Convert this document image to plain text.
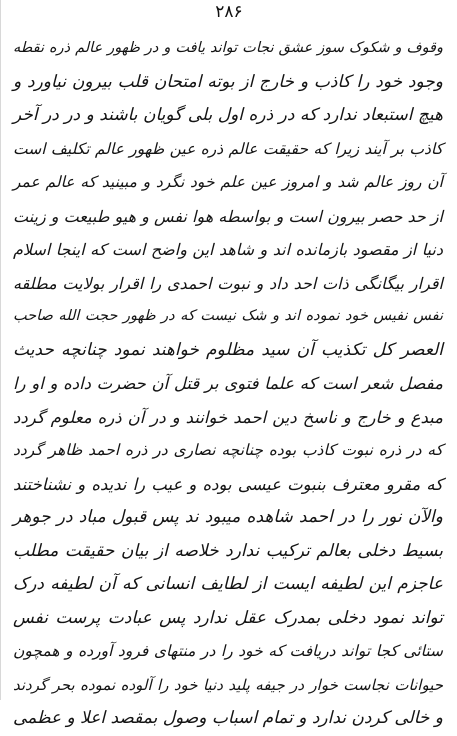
۲۸۶
وقوف و شکوک سوز عشق نجات تواند یافت و در ظهور عالم ذره نقطه
وجود خود را کاذب و خارج از بوته امتحان قلب بیرون نیاورد و
هیچ استبعاد ندارد که در ذره اول بلی گویان باشند و در در آخر
کاذب بر آیند زیرا که حقیقت عالم ذره عین ظهور عالم تکلیف است
آن روز عالم شد و امروز عین علم خود نگرد و مبینید که عالم عمر
از حد حصر بیرون است و بواسطه هوا نفس و هیو طبیعت و زینت
دنیا از مقصود بازمانده اند و شاهد این واضح است که اینجا اسلام
اقرار بیگانگی ذات احد داد و نبوت احمدی را اقرار بولایت مطلقه
نفس نفیس خود نموده اند و شک نیست که در ظهور حجت الله صاحب
العصر کل تکذیب آن سید مظلوم خواهند نمود چنانچه حدیث
مفصل شعر است که علما فتوی بر قتل آن حضرت داده و او را
مبدع و خارج و ناسخ دین احمد خوانند و در آن ذره معلوم گردد
که در ذره نبوت کاذب بوده چنانچه نصاری در ذره احمد ظاهر گردد
که مقرو معترف بنبوت عیسی بوده و عیب را ندیده و نشناختند
والآن نور را در احمد شاهده میبود ند پس قبول مباد در جوهر
بسیط دخلی بعالم ترکیب ندارد خلاصه از بیان حقیقت مطلب
عاجزم این لطیفه ایست از لطایف انسانی که آن لطیفه درک
تواند نمود دخلی بمدرک عقل ندارد پس عبادت پرست نفس
ستائی کجا تواند دریافت که خود را در منتهای فرود آورده و همچون
حیوانات نجاست خوار در جیفه پلید دنیا خود را آلوده نموده بحر گردند
و خالی کردن ندارد و تمام اسباب وصول بمقصد اعلا و عظمی
